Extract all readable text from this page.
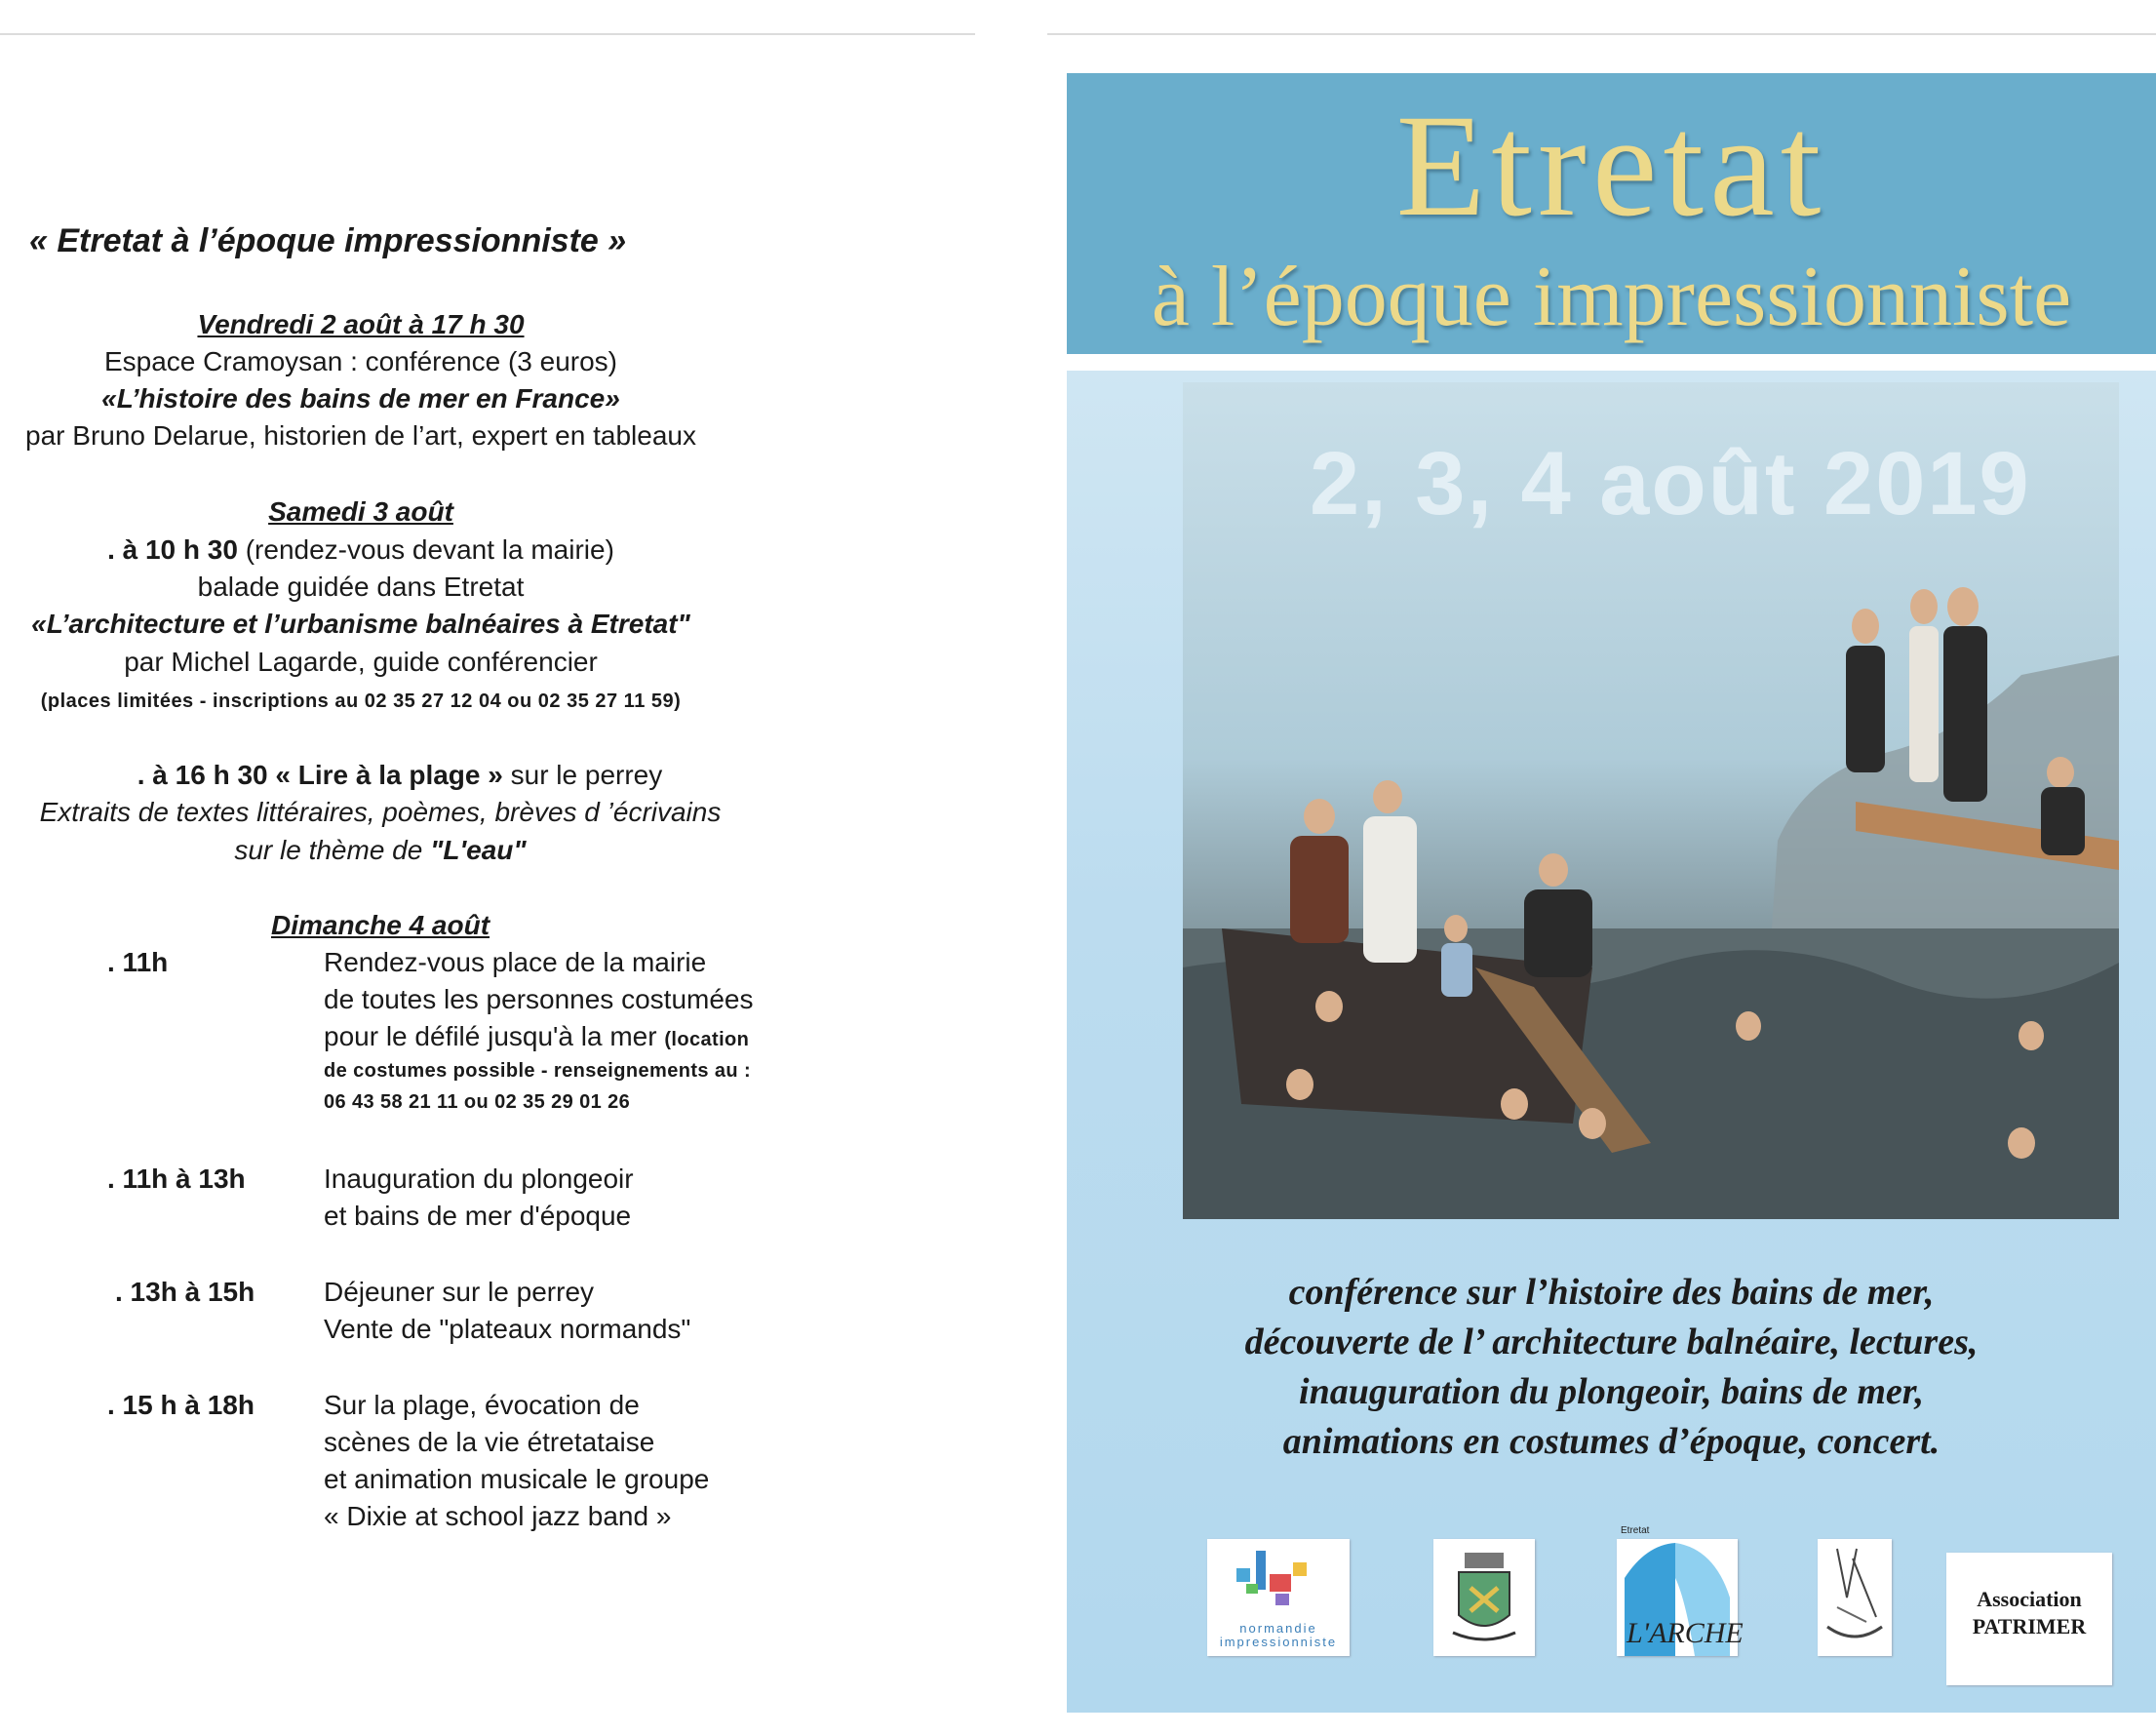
« Etretat à l’époque impressionniste »
Vendredi 2 août à 17 h 30
Espace Cramoysan : conférence (3 euros)
«L’histoire des bains de mer en France»
par Bruno Delarue, historien de l’art, expert en tableaux
Samedi 3 août
. à 10 h 30 (rendez-vous devant la mairie)
balade guidée dans Etretat
«L’architecture et l’urbanisme balnéaires à Etretat"
par Michel Lagarde, guide conférencier
(places limitées - inscriptions au 02 35 27 12 04 ou 02 35 27 11 59)
. à 16 h 30 « Lire à la plage » sur le perrey
Extraits de textes littéraires, poèmes, brèves d ’écrivains
sur le thème de "L'eau"
Dimanche 4 août
. 11h	Rendez-vous place de la mairie
de toutes les personnes costumées
pour le défilé jusqu'à la mer (location
de costumes possible - renseignements au :
06 43 58 21 11 ou 02 35 29 01 26
. 11h à 13h	Inauguration du plongeoir
et bains de mer d'époque
. 13h à 15h	Déjeuner sur le perrey
Vente de "plateaux normands"
. 15 h à 18h	Sur la plage, évocation de
scènes de la vie étretataise
et animation musicale le groupe
« Dixie at school jazz band »
Etretat
à l’époque impressionniste
2, 3, 4 août 2019
conférence sur l’histoire des bains de mer,
découverte de l’ architecture balnéaire, lectures,
inauguration du plongeoir, bains de mer,
animations en costumes d’époque, concert.
normandie impressionniste
Etretat
L'ARCHE
Association
PATRIMER
